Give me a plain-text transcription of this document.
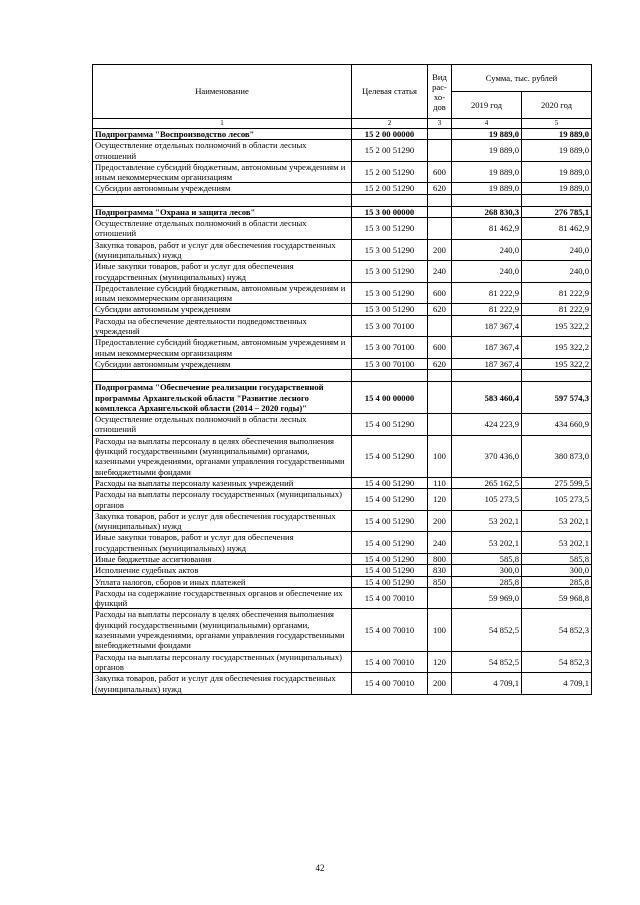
Наименование	Целевая статья	Вид
рас-
хо-
дов	Сумма, тыс. рублей	
			2019 год	2020 год
1	2	3	4	5
Подпрограмма "Воспроизводство лесов"	15 2 00 00000		19 889,0	19 889,0
Осуществление отдельных полномочий в области лесных отношений	15 2 00 51290		19 889,0	19 889,0
Предоставление субсидий бюджетным, автономным учреждениям и иным некоммерческим организациям	15 2 00 51290	600	19 889,0	19 889,0
Субсидии автономным учреждениям	15 2 00 51290	620	19 889,0	19 889,0

Подпрограмма "Охрана и защита лесов"	15 3 00 00000		268 830,3	276 785,1
Осуществление отдельных полномочий в области лесных отношений	15 3 00 51290		81 462,9	81 462,9
Закупка товаров, работ и услуг для обеспечения государственных (муниципальных) нужд	15 3 00 51290	200	240,0	240,0
Иные закупки товаров, работ и услуг для обеспечения государственных (муниципальных) нужд	15 3 00 51290	240	240,0	240,0
Предоставление субсидий бюджетным, автономным учреждениям и иным некоммерческим организациям	15 3 00 51290	600	81 222,9	81 222,9
Субсидии автономным учреждениям	15 3 00 51290	620	81 222,9	81 222,9
Расходы на обеспечение деятельности подведомственных учреждений	15 3 00 70100		187 367,4	195 322,2
Предоставление субсидий бюджетным, автономным учреждениям и иным некоммерческим организациям	15 3 00 70100	600	187 367,4	195 322,2
Субсидии автономным учреждениям	15 3 00 70100	620	187 367,4	195 322,2

Подпрограмма "Обеспечение реализации государственной программы Архангельской области "Развитие лесного комплекса Архангельской области (2014 – 2020 годы)"	15 4 00 00000		583 460,4	597 574,3
Осуществление отдельных полномочий в области лесных отношений	15 4 00 51290		424 223,9	434 660,9
Расходы на выплаты персоналу в целях обеспечения выполнения функций государственными (муниципальными) органами, казенными учреждениями, органами управления государственными внебюджетными фондами	15 4 00 51290	100	370 436,0	380 873,0
Расходы на выплаты персоналу казенных учреждений	15 4 00 51290	110	265 162,5	275 599,5
Расходы на выплаты персоналу государственных (муниципальных) органов	15 4 00 51290	120	105 273,5	105 273,5
Закупка товаров, работ и услуг для обеспечения государственных (муниципальных) нужд	15 4 00 51290	200	53 202,1	53 202,1
Иные закупки товаров, работ и услуг для обеспечения государственных (муниципальных) нужд	15 4 00 51290	240	53 202,1	53 202,1
Иные бюджетные ассигнования	15 4 00 51290	800	585,8	585,8
Исполнение судебных актов	15 4 00 51290	830	300,0	300,0
Уплата налогов, сборов и иных платежей	15 4 00 51290	850	285,8	285,8
Расходы на содержание государственных органов и обеспечение их функций	15 4 00 70010		59 969,0	59 968,8
Расходы на выплаты персоналу в целях обеспечения выполнения функций государственными (муниципальными) органами, казенными учреждениями, органами управления государственными внебюджетными фондами	15 4 00 70010	100	54 852,5	54 852,3
Расходы на выплаты персоналу государственных (муниципальных) органов	15 4 00 70010	120	54 852,5	54 852,3
Закупка товаров, работ и услуг для обеспечения государственных (муниципальных) нужд	15 4 00 70010	200	4 709,1	4 709,1
42
